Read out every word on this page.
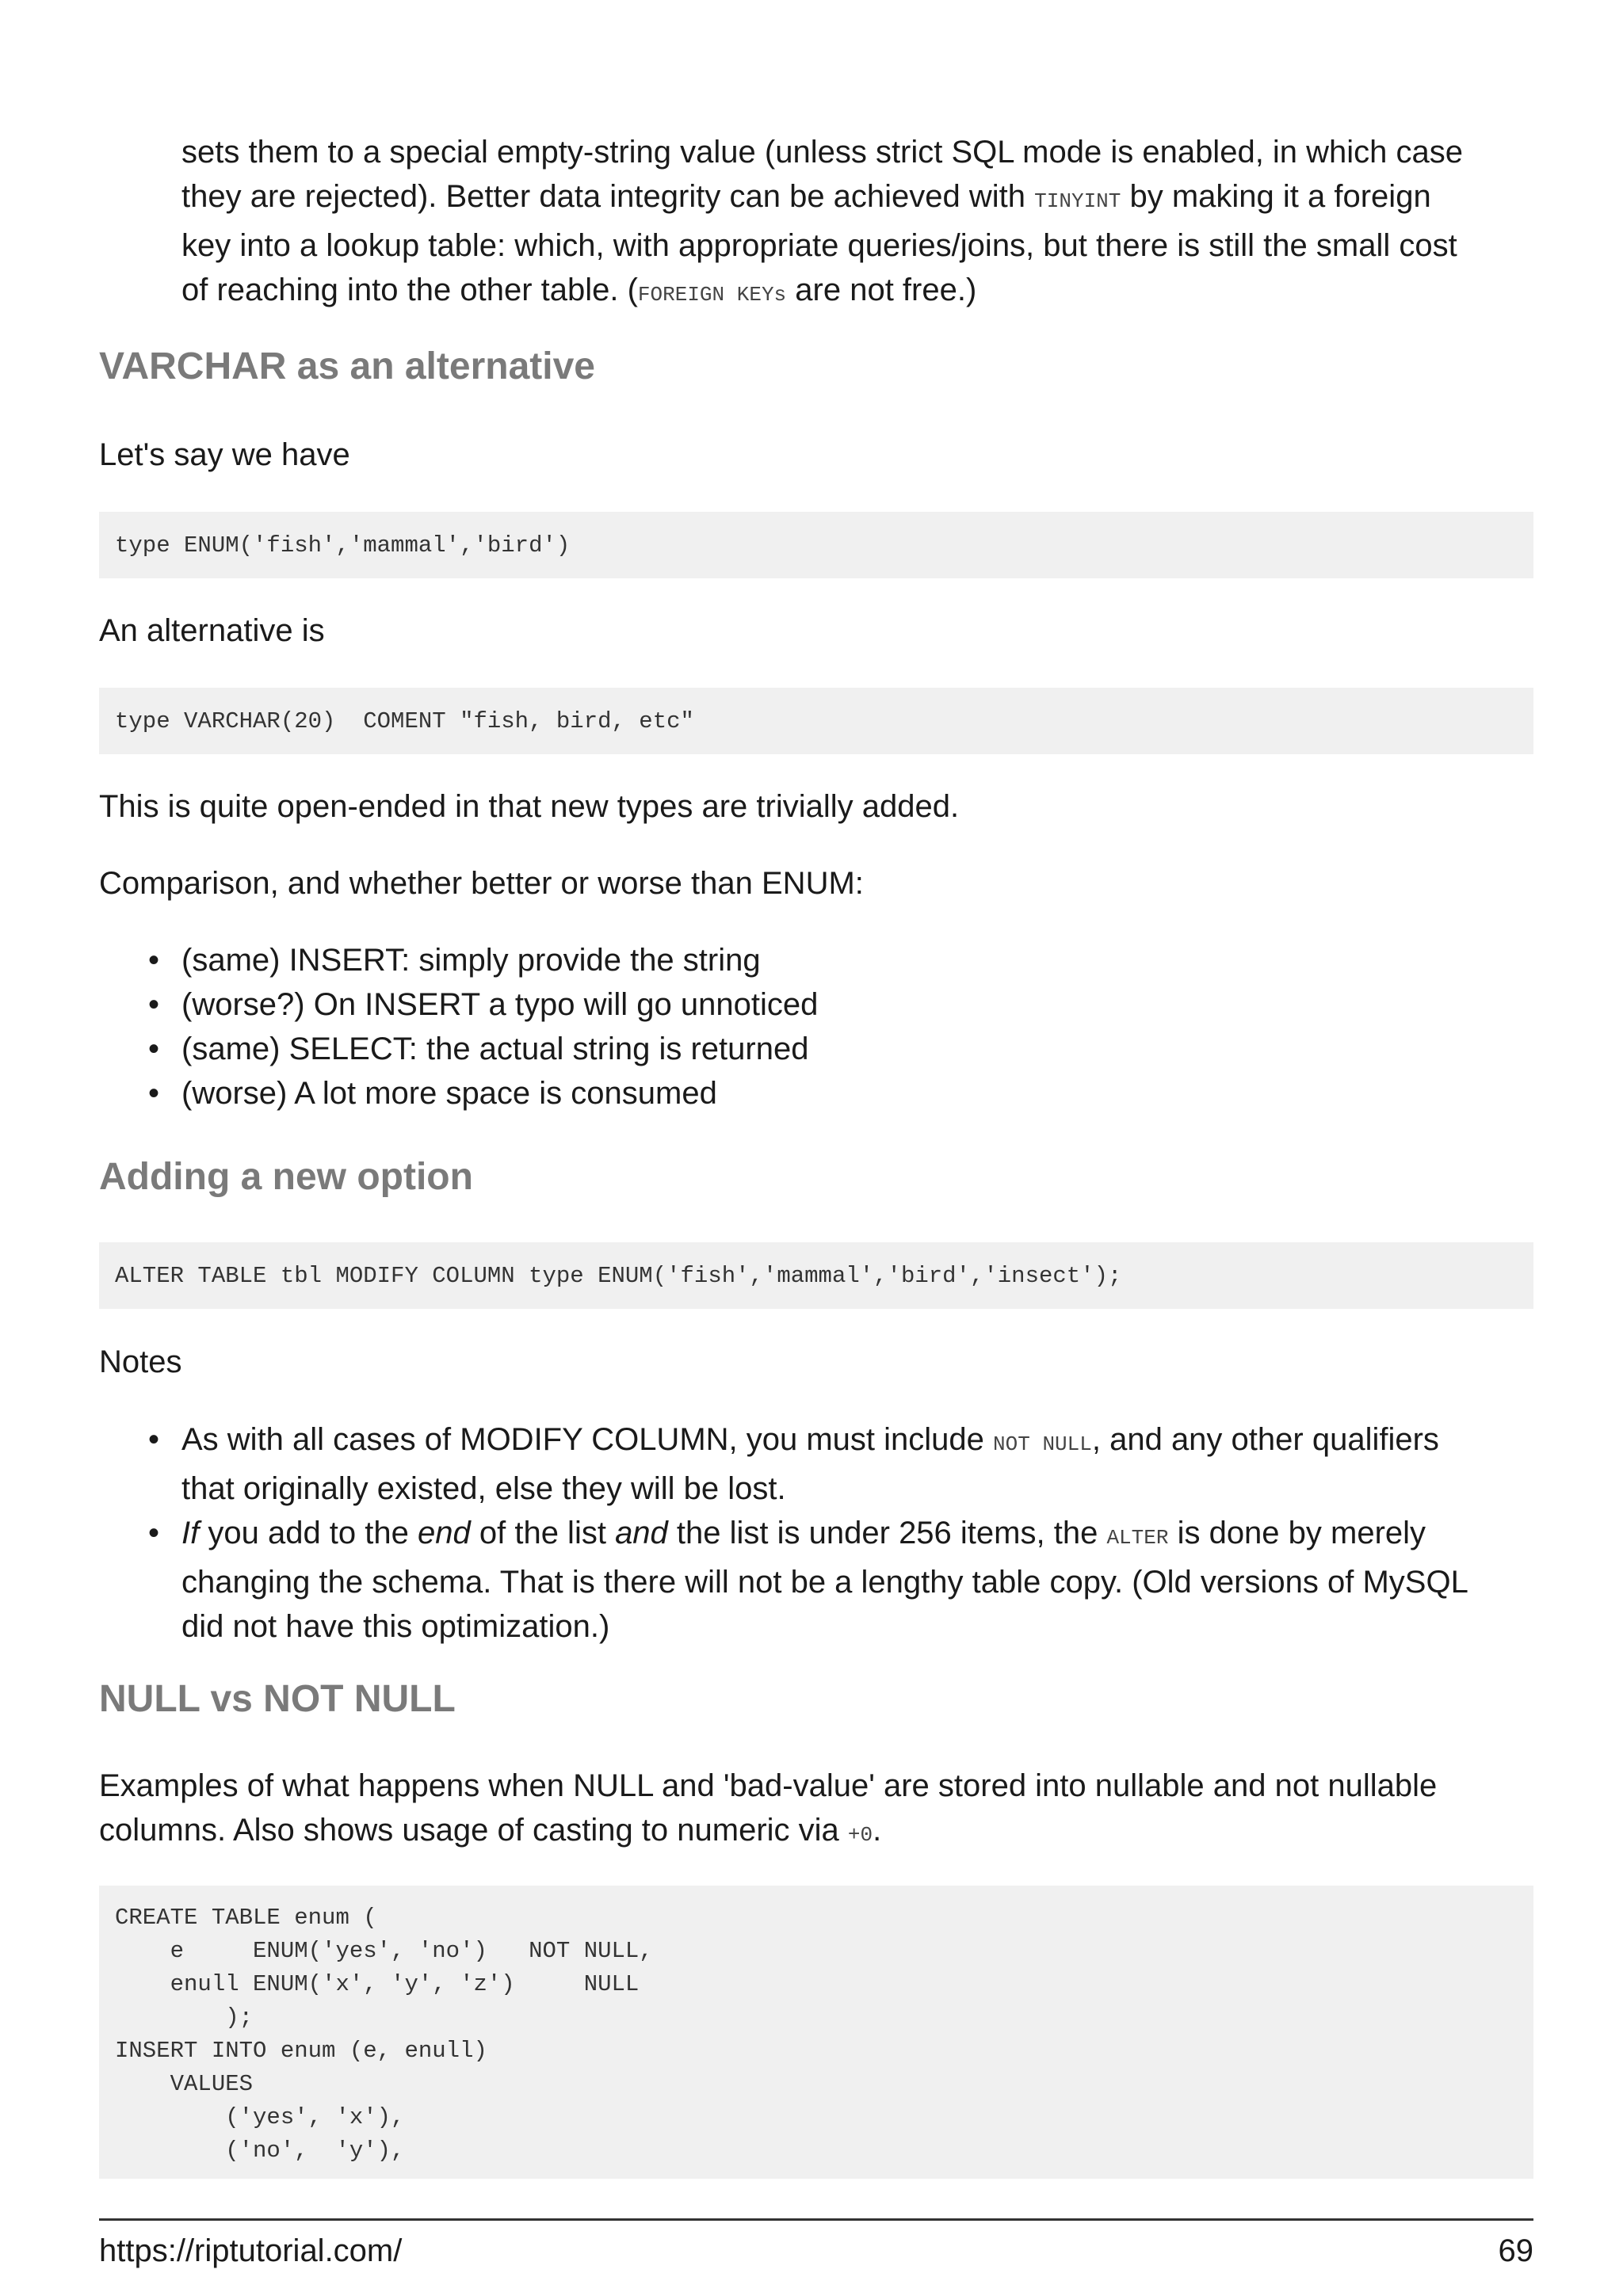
sets them to a special empty-string value (unless strict SQL mode is enabled, in which case

they are rejected). Better data integrity can be achieved with TINYINT by making it a foreign

key into a lookup table: which, with appropriate queries/joins, but there is still the small cost

of reaching into the other table. (FOREIGN KEYs are not free.)

VARCHAR as an alternative

Let's say we have

type ENUM('fish','mammal','bird')

An alternative is

type VARCHAR(20)  COMENT "fish, bird, etc"

This is quite open-ended in that new types are trivially added.

Comparison, and whether better or worse than ENUM:

• (same) INSERT: simply provide the string
• (worse?) On INSERT a typo will go unnoticed
• (same) SELECT: the actual string is returned
• (worse) A lot more space is consumed
Adding a new option
ALTER TABLE tbl MODIFY COLUMN type ENUM('fish','mammal','bird','insect');

Notes

• As with all cases of MODIFY COLUMN, you must include NOT NULL, and any other qualifiers
that originally existed, else they will be lost.
• If you add to the end of the list and the list is under 256 items, the ALTER is done by merely
changing the schema. That is there will not be a lengthy table copy. (Old versions of MySQL
did not have this optimization.)
NULL vs NOT NULL

Examples of what happens when NULL and 'bad-value' are stored into nullable and not nullable

columns. Also shows usage of casting to numeric via +0.

CREATE TABLE enum (
e     ENUM('yes', 'no')   NOT NULL,
enull ENUM('x', 'y', 'z')     NULL
);
INSERT INTO enum (e, enull)
VALUES
('yes', 'x'),
('no',  'y'),
https://riptutorial.com/	69
